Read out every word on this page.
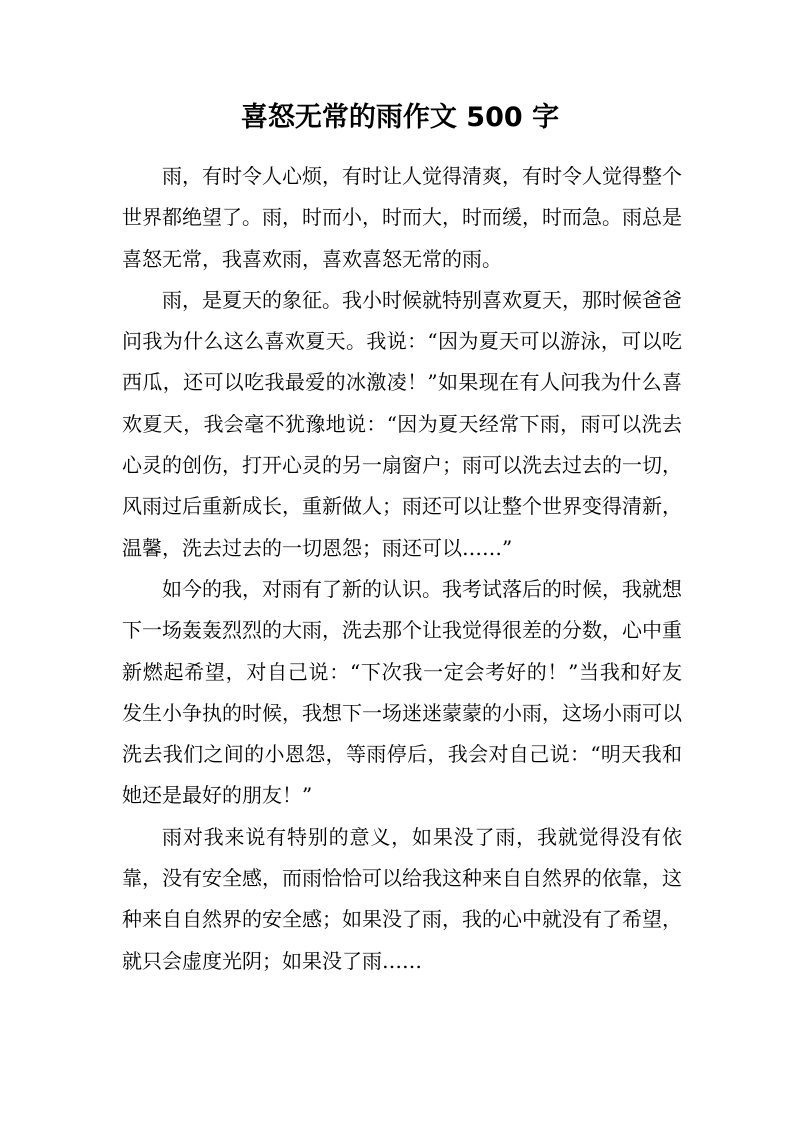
喜怒无常的雨作文 500 字

雨，有时令人心烦，有时让人觉得清爽，有时令人觉得整个世界都绝望了。雨，时而小，时而大，时而缓，时而急。雨总是喜怒无常，我喜欢雨，喜欢喜怒无常的雨。

雨，是夏天的象征。我小时候就特别喜欢夏天，那时候爸爸问我为什么这么喜欢夏天。我说：“因为夏天可以游泳，可以吃西瓜，还可以吃我最爱的冰激凌！”如果现在有人问我为什么喜欢夏天，我会毫不犹豫地说：“因为夏天经常下雨，雨可以洗去心灵的创伤，打开心灵的另一扇窗户；雨可以洗去过去的一切，风雨过后重新成长，重新做人；雨还可以让整个世界变得清新，温馨，洗去过去的一切恩怨；雨还可以……”

如今的我，对雨有了新的认识。我考试落后的时候，我就想下一场轰轰烈烈的大雨，洗去那个让我觉得很差的分数，心中重新燃起希望，对自己说：“下次我一定会考好的！”当我和好友发生小争执的时候，我想下一场迷迷蒙蒙的小雨，这场小雨可以洗去我们之间的小恩怨，等雨停后，我会对自己说：“明天我和她还是最好的朋友！”

雨对我来说有特别的意义，如果没了雨，我就觉得没有依靠，没有安全感，而雨恰恰可以给我这种来自自然界的依靠，这种来自自然界的安全感；如果没了雨，我的心中就没有了希望，就只会虚度光阴；如果没了雨……
